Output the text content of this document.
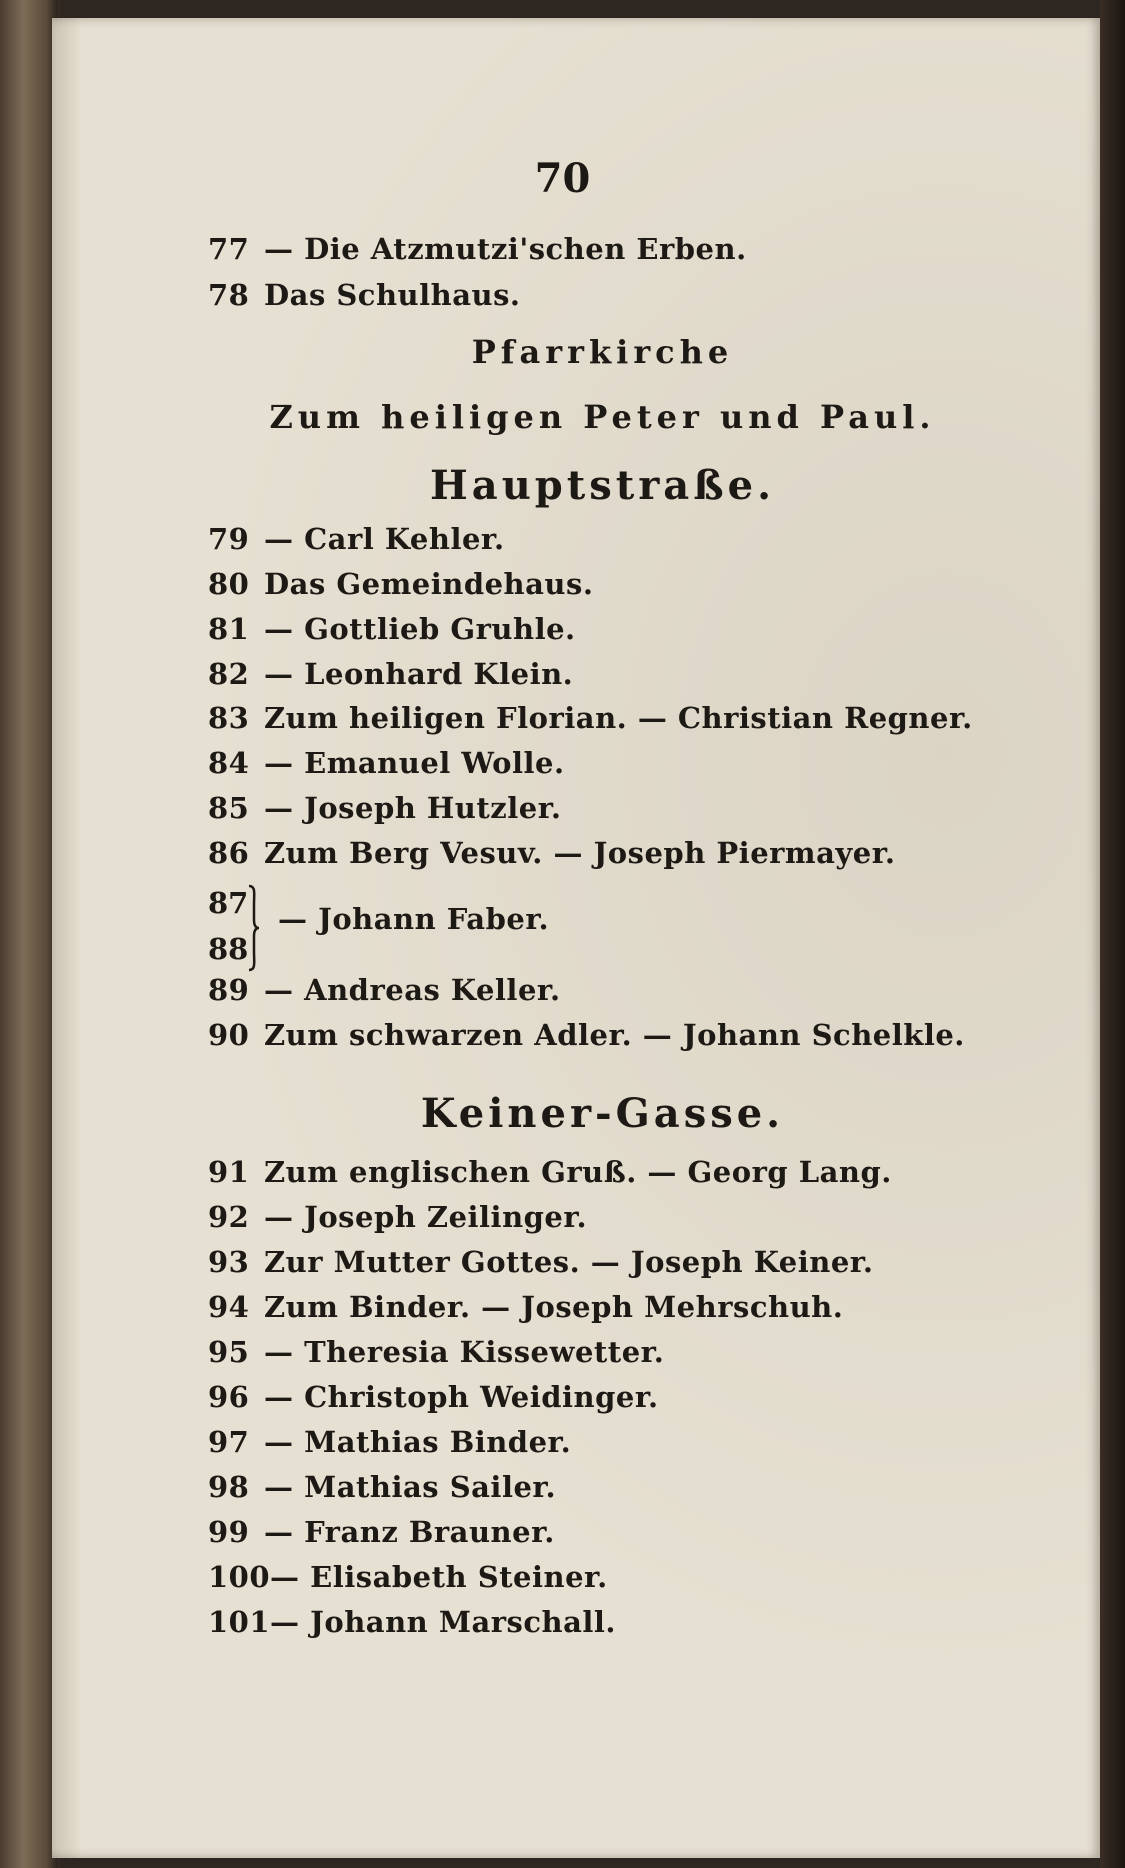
70
77 — Die Atzmutzi'schen Erben.
78 Das Schulhaus.
Pfarrkirche
Zum heiligen Peter und Paul.
Hauptstraße.
79 — Carl Kehler.
80 Das Gemeindehaus.
81 — Gottlieb Gruhle.
82 — Leonhard Klein.
83 Zum heiligen Florian. — Christian Regner.
84 — Emanuel Wolle.
85 — Joseph Hutzler.
86 Zum Berg Vesuv. — Joseph Piermayer.
87
88
— Johann Faber.
89 — Andreas Keller.
90 Zum schwarzen Adler. — Johann Schelkle.
Keiner-Gasse.
91 Zum englischen Gruß. — Georg Lang.
92 — Joseph Zeilinger.
93 Zur Mutter Gottes. — Joseph Keiner.
94 Zum Binder. — Joseph Mehrschuh.
95 — Theresia Kissewetter.
96 — Christoph Weidinger.
97 — Mathias Binder.
98 — Mathias Sailer.
99 — Franz Brauner.
100— Elisabeth Steiner.
101— Johann Marschall.
